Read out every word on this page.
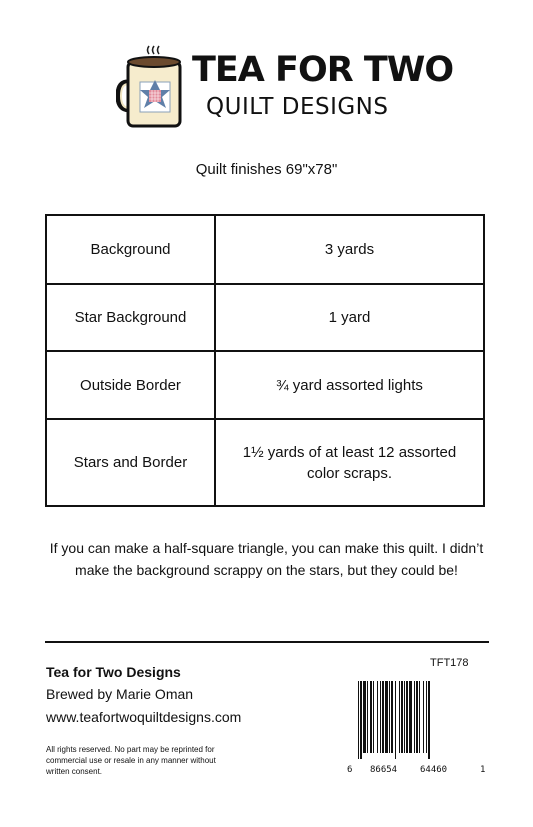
TEA FOR TWO
QUILT DESIGNS
Quilt finishes 69"x78"
Background	3 yards
Star Background	1 yard
Outside Border	¾ yard assorted lights
Stars and Border	1½ yards of at least 12 assorted color scraps.
If you can make a half-square triangle, you can make this quilt. I didn’t make the background scrappy on the stars, but they could be!
Tea for Two Designs
Brewed by Marie Oman
www.teafortwoquiltdesigns.com
All rights reserved. No part may be reprinted for commercial use or resale in any manner without written consent.
TFT178
6 86654	64460	1
